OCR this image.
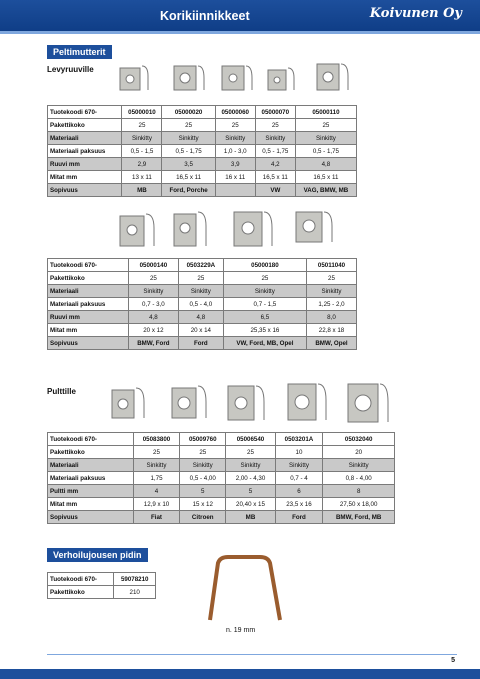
Korikiinnikkeet	Koivunen Oy
Peltimutterit
Levyruuville
Tuotekoodi 670-	05000010	05000020	05000060	05000070	05000110
Pakettikoko	25	25	25	25	25
Materiaali	Sinkitty	Sinkitty	Sinkitty	Sinkitty	Sinkitty
Materiaali paksuus	0,5 - 1,5	0,5 - 1,75	1,0 - 3,0	0,5 - 1,75	0,5 - 1,75
Ruuvi mm	2,9	3,5	3,9	4,2	4,8
Mitat mm	13 x 11	16,5 x 11	16 x 11	16,5 x 11	16,5 x 11
Sopivuus	MB	Ford, Porche		VW	VAG, BMW, MB
Tuotekoodi 670-	05000140	0503229A	05000180	05011040
Pakettikoko	25	25	25	25
Materiaali	Sinkitty	Sinkitty	Sinkitty	Sinkitty
Materiaali paksuus	0,7 - 3,0	0,5 - 4,0	0,7 - 1,5	1,25 - 2,0
Ruuvi mm	4,8	4,8	6,5	8,0
Mitat mm	20 x 12	20 x 14	25,35 x 16	22,8 x 18
Sopivuus	BMW, Ford	Ford	VW, Ford, MB, Opel	BMW, Opel
Pulttille
Tuotekoodi 670-	05083800	05009760	05006540	0503201A	05032040
Pakettikoko	25	25	25	10	20
Materiaali	Sinkitty	Sinkitty	Sinkitty	Sinkitty	Sinkitty
Materiaali paksuus	1,75	0,5 - 4,00	2,00 - 4,30	0,7 - 4	0,8 - 4,00
Pultti mm	4	5	5	6	8
Mitat mm	12,9 x 10	15 x 12	20,40 x 15	23,5 x 16	27,50 x 18,00
Sopivuus	Fiat	Citroen	MB	Ford	BMW, Ford, MB
Verhoilujousen pidin
Tuotekoodi 670-	59078210
Pakettikoko	210
n. 19 mm
5
